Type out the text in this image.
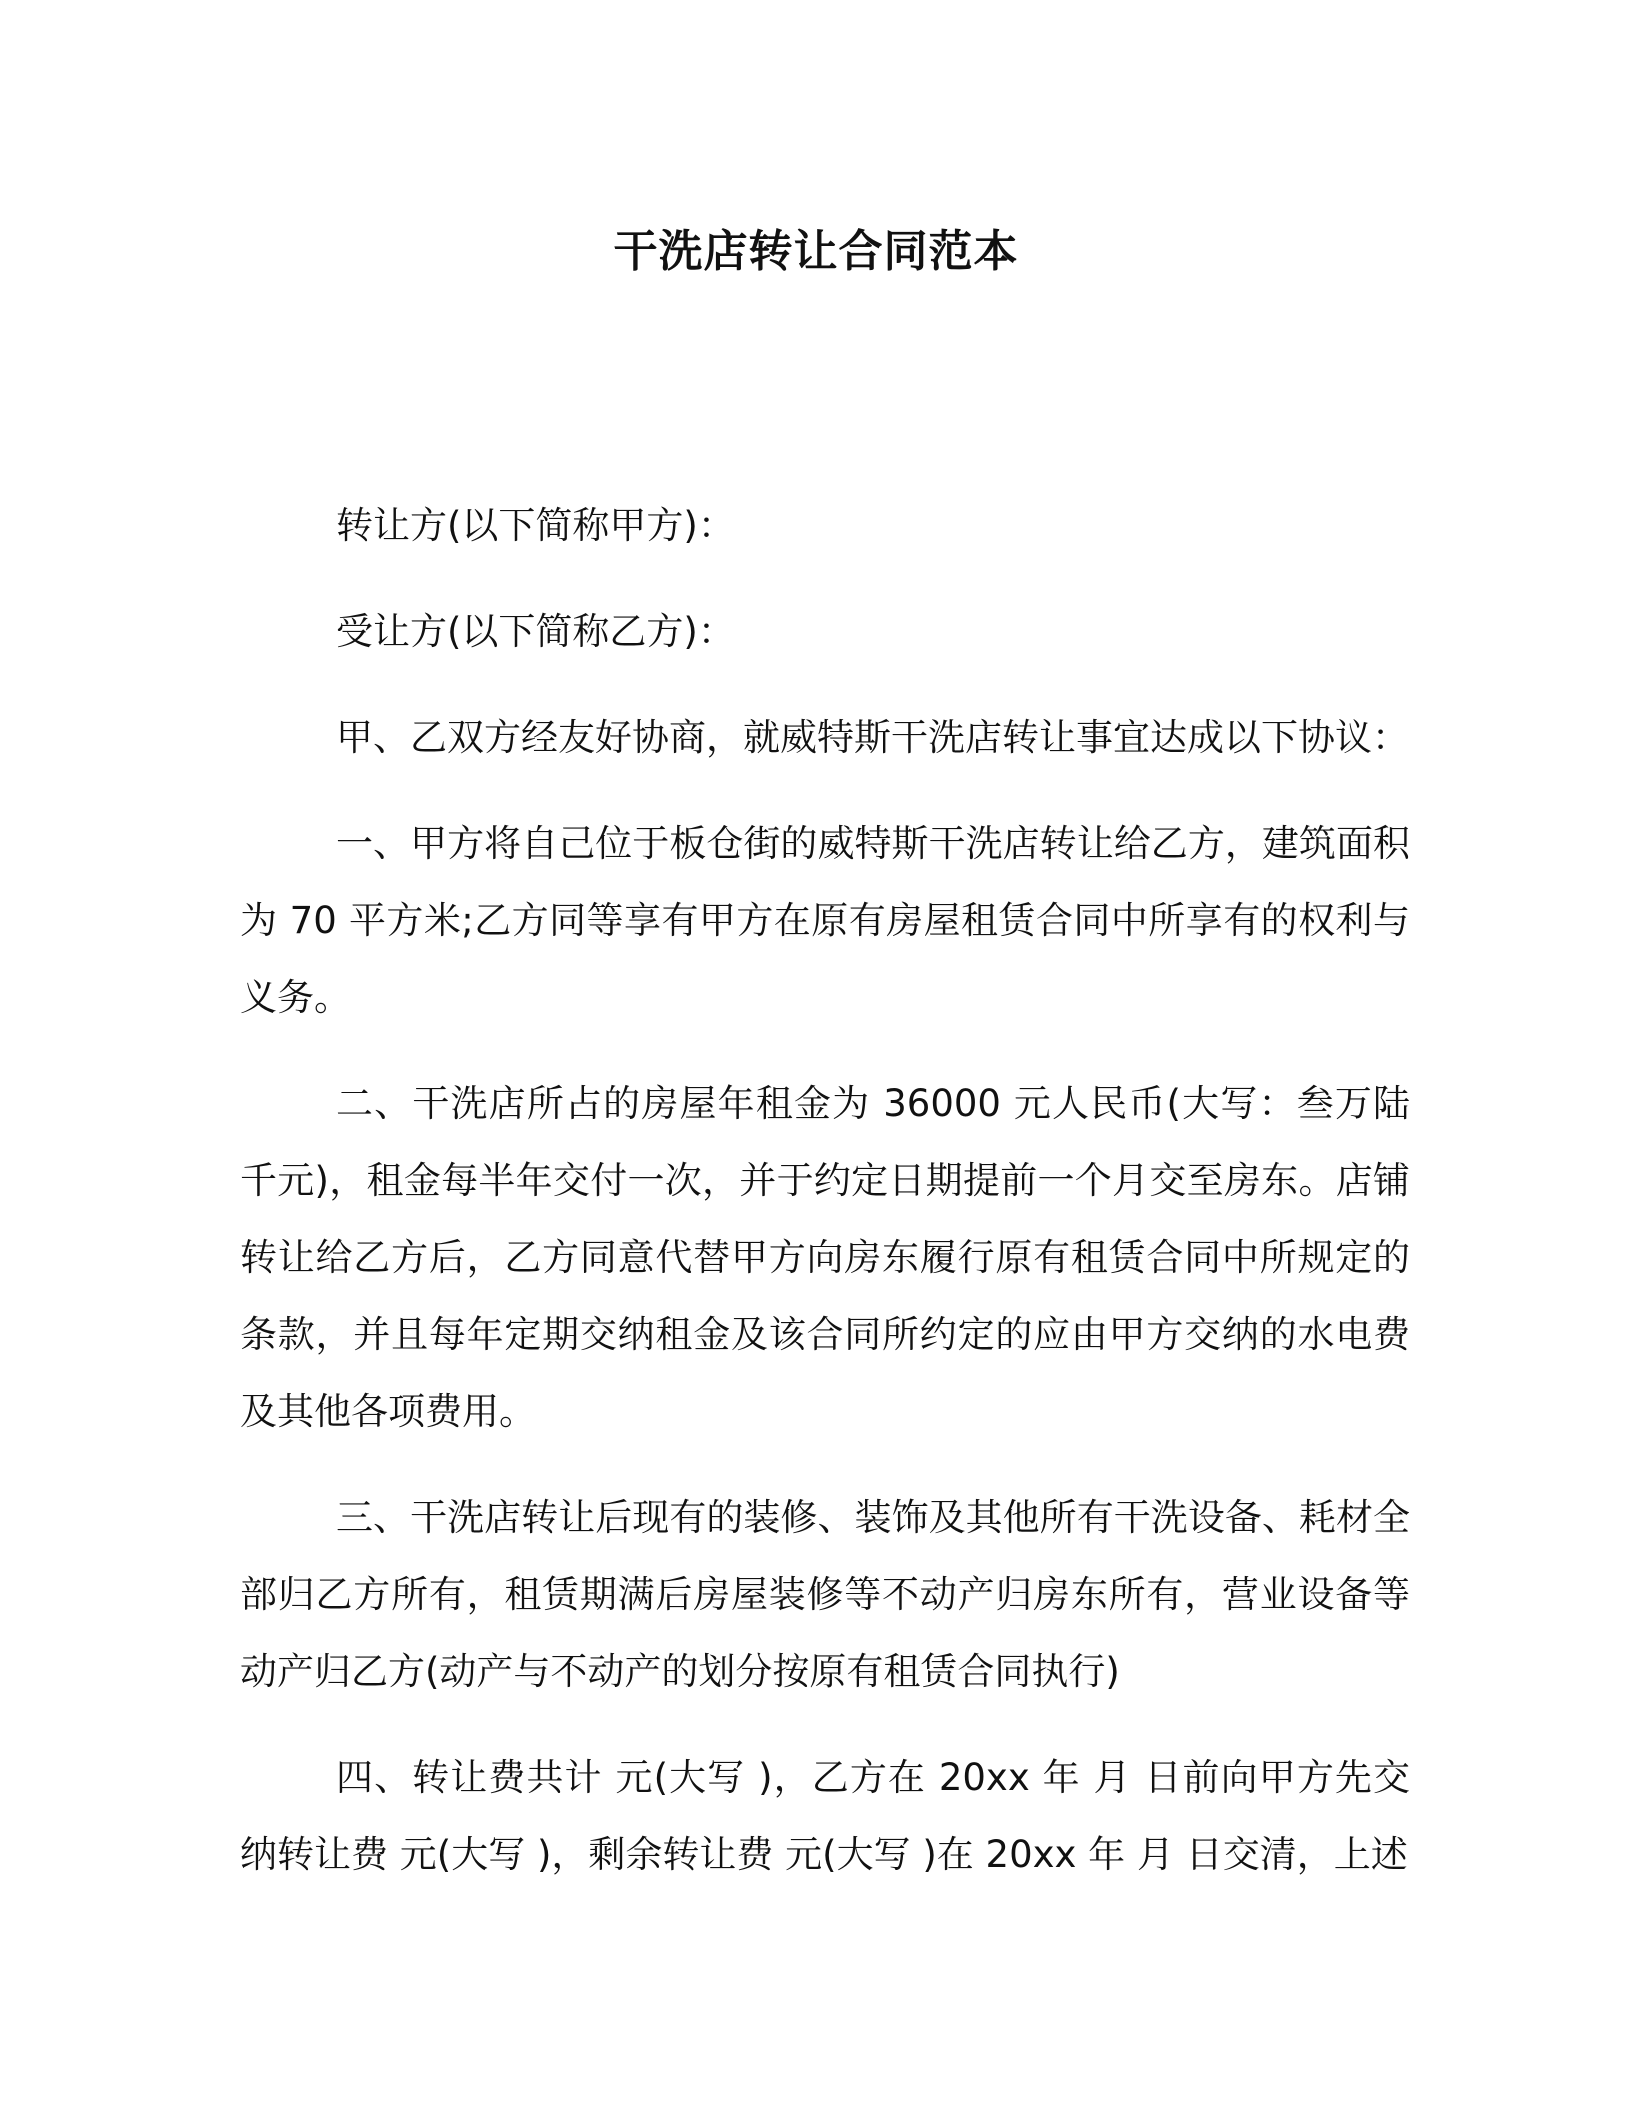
干洗店转让合同范本

转让方(以下简称甲方)：

受让方(以下简称乙方)：

甲、乙双方经友好协商，就威特斯干洗店转让事宜达成以下协议：

一、甲方将自己位于板仓街的威特斯干洗店转让给乙方，建筑面积为 70 平方米;乙方同等享有甲方在原有房屋租赁合同中所享有的权利与义务。

二、干洗店所占的房屋年租金为 36000 元人民币(大写：叁万陆千元)，租金每半年交付一次，并于约定日期提前一个月交至房东。店铺转让给乙方后，乙方同意代替甲方向房东履行原有租赁合同中所规定的条款，并且每年定期交纳租金及该合同所约定的应由甲方交纳的水电费及其他各项费用。

三、干洗店转让后现有的装修、装饰及其他所有干洗设备、耗材全部归乙方所有，租赁期满后房屋装修等不动产归房东所有，营业设备等动产归乙方(动产与不动产的划分按原有租赁合同执行)

四、转让费共计 元(大写 )，乙方在 20xx 年 月 日前向甲方先交纳转让费 元(大写 )，剩余转让费 元(大写 )在 20xx 年 月 日交清，上述
